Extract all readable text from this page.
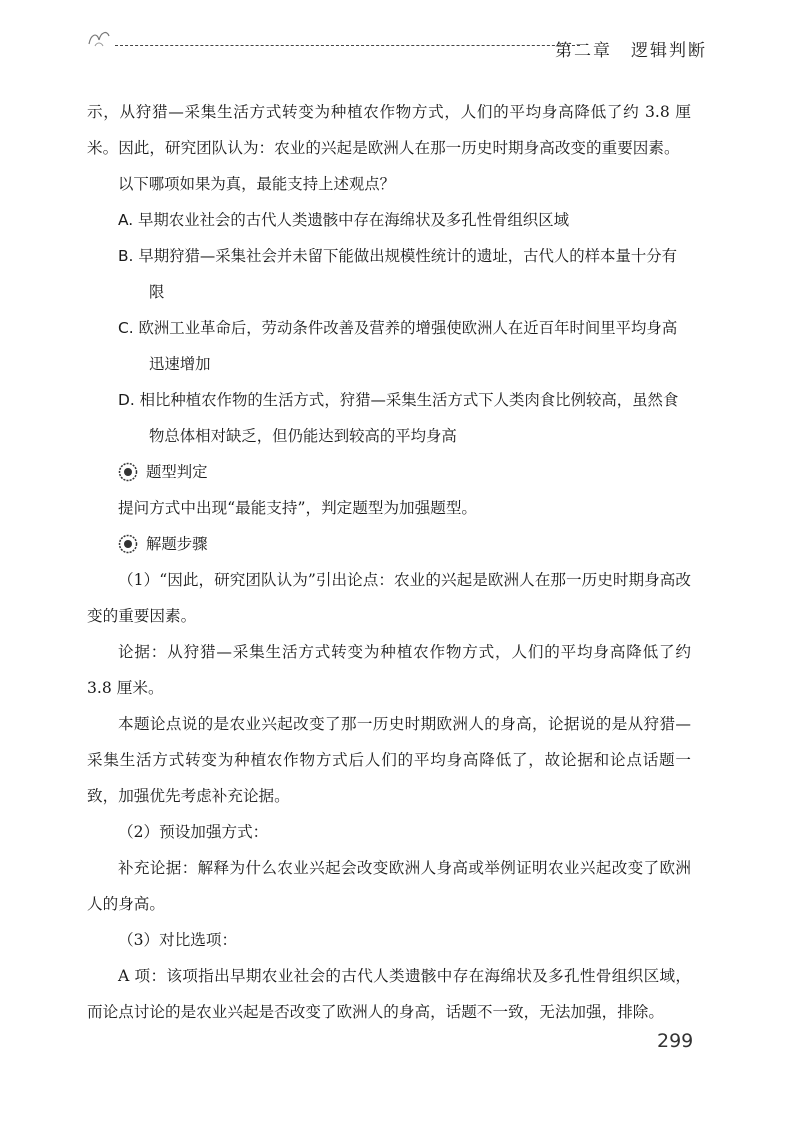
第二章　逻辑判断

示，从狩猎—采集生活方式转变为种植农作物方式，人们的平均身高降低了约 3.8 厘米。因此，研究团队认为：农业的兴起是欧洲人在那一历史时期身高改变的重要因素。

以下哪项如果为真，最能支持上述观点？

A. 早期农业社会的古代人类遗骸中存在海绵状及多孔性骨组织区域

B. 早期狩猎—采集社会并未留下能做出规模性统计的遗址，古代人的样本量十分有限

C. 欧洲工业革命后，劳动条件改善及营养的增强使欧洲人在近百年时间里平均身高迅速增加

D. 相比种植农作物的生活方式，狩猎—采集生活方式下人类肉食比例较高，虽然食物总体相对缺乏，但仍能达到较高的平均身高

题型判定

提问方式中出现“最能支持”，判定题型为加强题型。

解题步骤

（1）“因此，研究团队认为”引出论点：农业的兴起是欧洲人在那一历史时期身高改变的重要因素。

论据：从狩猎—采集生活方式转变为种植农作物方式，人们的平均身高降低了约 3.8 厘米。

本题论点说的是农业兴起改变了那一历史时期欧洲人的身高，论据说的是从狩猎—采集生活方式转变为种植农作物方式后人们的平均身高降低了，故论据和论点话题一致，加强优先考虑补充论据。

（2）预设加强方式：

补充论据：解释为什么农业兴起会改变欧洲人身高或举例证明农业兴起改变了欧洲人的身高。

（3）对比选项：

A 项：该项指出早期农业社会的古代人类遗骸中存在海绵状及多孔性骨组织区域，而论点讨论的是农业兴起是否改变了欧洲人的身高，话题不一致，无法加强，排除。

299
